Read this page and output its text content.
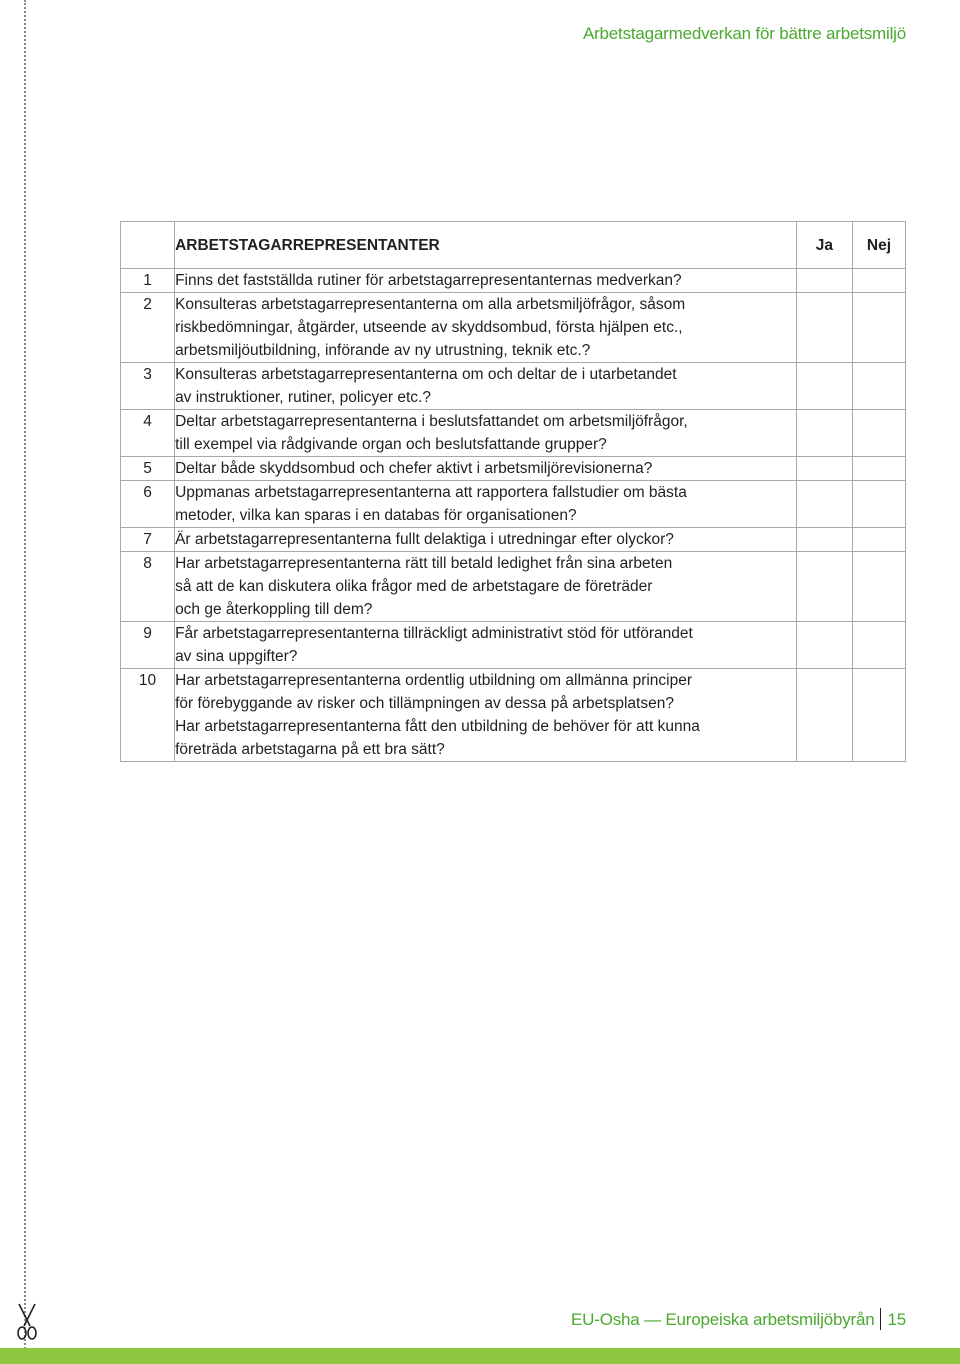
Arbetstagarmedverkan för bättre arbetsmiljö
	ARBETSTAGARREPRESENTANTER	Ja	Nej
1	Finns det fastställda rutiner för arbetstagarrepresentanternas medverkan?		
2	Konsulteras arbetstagarrepresentanterna om alla arbetsmiljöfrågor, såsom
riskbedömningar, åtgärder, utseende av skyddsombud, första hjälpen etc.,
arbetsmiljöutbildning, införande av ny utrustning, teknik etc.?		
3	Konsulteras arbetstagarrepresentanterna om och deltar de i utarbetandet
av instruktioner, rutiner, policyer etc.?		
4	Deltar arbetstagarrepresentanterna i beslutsfattandet om arbetsmiljöfrågor,
till exempel via rådgivande organ och beslutsfattande grupper?		
5	Deltar både skyddsombud och chefer aktivt i arbetsmiljörevisionerna?		
6	Uppmanas arbetstagarrepresentanterna att rapportera fallstudier om bästa
metoder, vilka kan sparas i en databas för organisationen?		
7	Är arbetstagarrepresentanterna fullt delaktiga i utredningar efter olyckor?		
8	Har arbetstagarrepresentanterna rätt till betald ledighet från sina arbeten
så att de kan diskutera olika frågor med de arbetstagare de företräder
och ge återkoppling till dem?		
9	Får arbetstagarrepresentanterna tillräckligt administrativt stöd för utförandet
av sina uppgifter?		
10	Har arbetstagarrepresentanterna ordentlig utbildning om allmänna principer
för förebyggande av risker och tillämpningen av dessa på arbetsplatsen?
Har arbetstagarrepresentanterna fått den utbildning de behöver för att kunna
företräda arbetstagarna på ett bra sätt?		
EU-Osha — Europeiska arbetsmiljöbyrån 15
